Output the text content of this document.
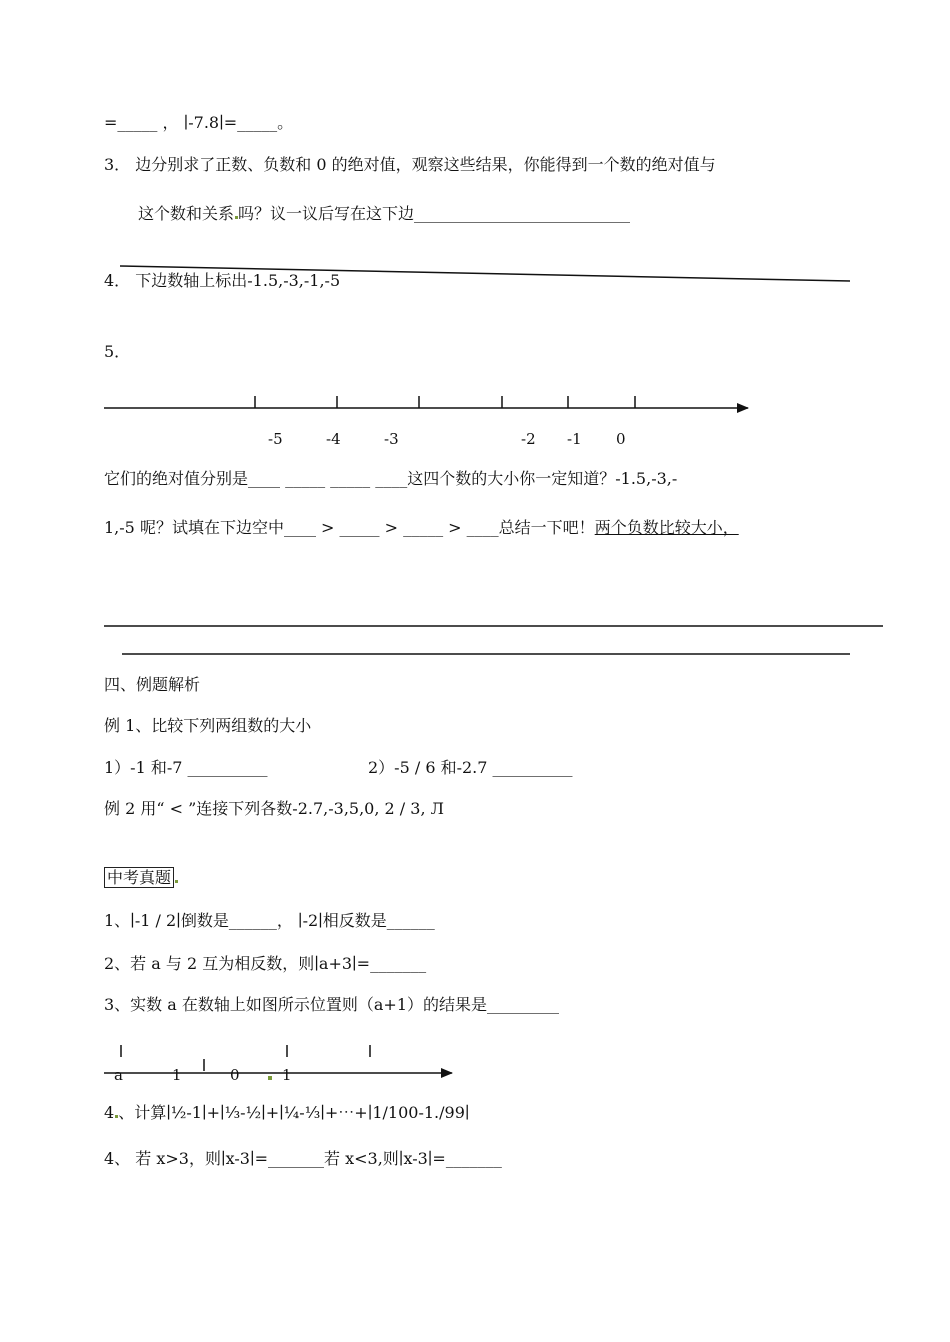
=_____ ， ∣-7.8∣=_____。
3． 边分别求了正数、负数和 0 的绝对值，观察这些结果，你能得到一个数的绝对值与
这个数和关系 吗？议一议后写在这下边___________________________
4． 下边数轴上标出-1.5,-3,-1,-5
5．
它们的绝对值分别是____ _____ _____ ____这四个数的大小你一定知道？-1.5,-3,-
1,-5 呢？试填在下边空中____ > _____ > _____ > ____总结一下吧！两个负数比较大小，
四、例题解析
例 1、比较下列两组数的大小
1）-1 和-7 __________	2）-5 / 6 和-2.7 __________
例 2 用“ < ”连接下列各数-2.7,-3,5,0, 2 / 3, Л
中考真题
1、∣-1 / 2∣倒数是______， ∣-2∣相反数是______
2、若 a 与 2 互为相反数，则∣a+3∣=_______
3、实数 a 在数轴上如图所示位置则（a+1）的结果是_________
4 、计算∣½-1∣+∣⅓-½∣+∣¼-⅓∣+⋯+∣1/100-1./99∣
4、 若 x>3，则∣x-3∣=_______若 x<3,则∣x-3∣=_______
-5	-4	-3	-2 -1 0
a	1	0	1
